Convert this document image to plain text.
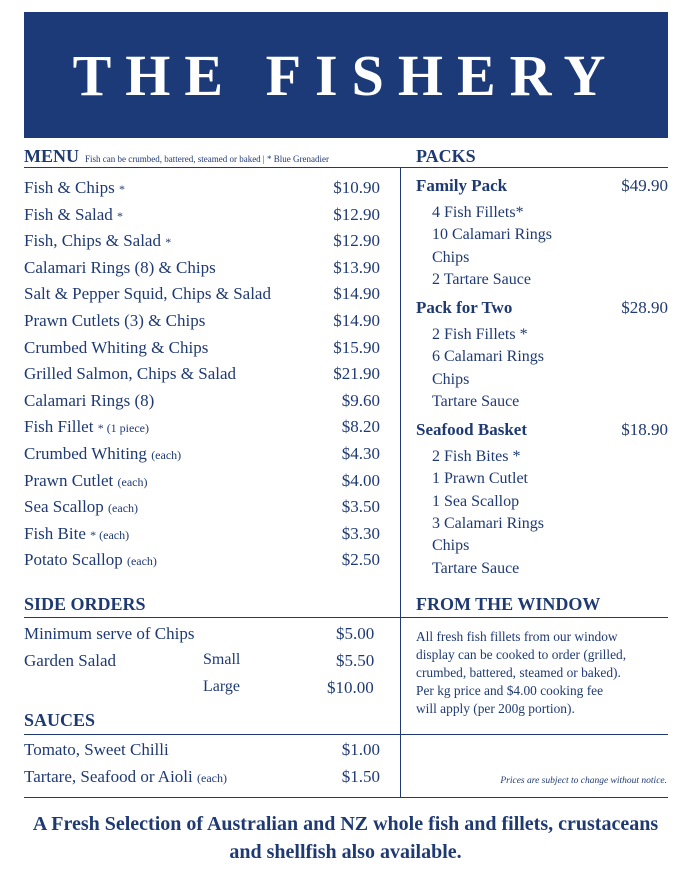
THE FISHERY
MENU Fish can be crumbed, battered, steamed or baked | * Blue Grenadier	PACKS
Fish & Chips *	$10.90
Fish & Salad *	$12.90
Fish, Chips & Salad *	$12.90
Calamari Rings (8) & Chips	$13.90
Salt & Pepper Squid, Chips & Salad	$14.90
Prawn Cutlets (3) & Chips	$14.90
Crumbed Whiting & Chips	$15.90
Grilled Salmon, Chips & Salad	$21.90
Calamari Rings (8)	$9.60
Fish Fillet * (1 piece)	$8.20
Crumbed Whiting (each)	$4.30
Prawn Cutlet (each)	$4.00
Sea Scallop (each)	$3.50
Fish Bite * (each)	$3.30
Potato Scallop (each)	$2.50
Family Pack	$49.90
4 Fish Fillets*
10 Calamari Rings
Chips
2 Tartare Sauce
Pack for Two	$28.90
2 Fish Fillets *
6 Calamari Rings
Chips
Tartare Sauce
Seafood Basket	$18.90
2 Fish Bites *
1 Prawn Cutlet
1 Sea Scallop
3 Calamari Rings
Chips
Tartare Sauce
SIDE ORDERS
Minimum serve of Chips	$5.00
Garden Salad	Small	$5.50
Large	$10.00
SAUCES
Tomato, Sweet Chilli	$1.00
Tartare, Seafood or Aioli (each)	$1.50
FROM THE WINDOW
All fresh fish fillets from our window
display can be cooked to order (grilled,
crumbed, battered, steamed or baked).
Per kg price and $4.00 cooking fee
will apply (per 200g portion).
Prices are subject to change without notice.
A Fresh Selection of Australian and NZ whole fish and fillets, crustaceans
and shellfish also available.
